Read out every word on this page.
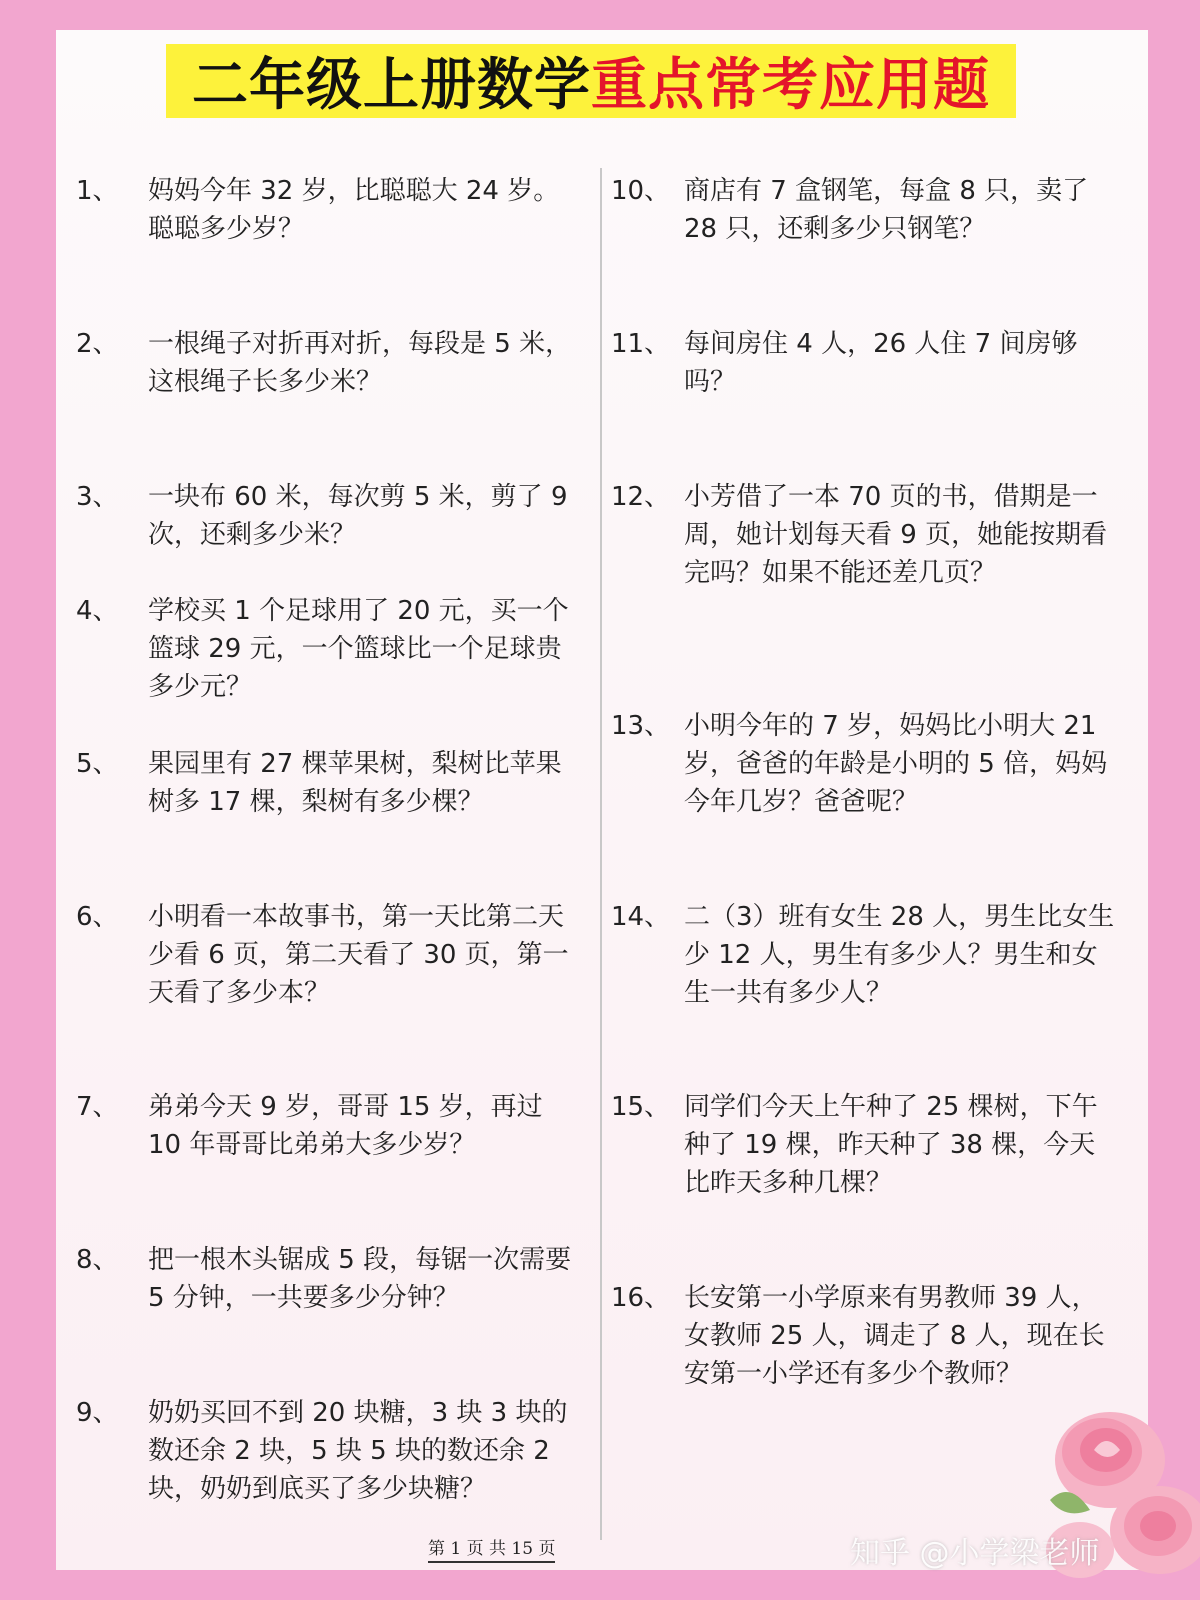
二年级上册数学 重点常考应用题
1、 妈妈今年 32 岁，比聪聪大 24 岁。聪聪多少岁？
2、 一根绳子对折再对折，每段是 5 米，这根绳子长多少米？
3、 一块布 60 米，每次剪 5 米，剪了 9 次，还剩多少米？
4、 学校买 1 个足球用了 20 元，买一个篮球 29 元，一个篮球比一个足球贵多少元？
5、 果园里有 27 棵苹果树，梨树比苹果树多 17 棵，梨树有多少棵？
6、 小明看一本故事书，第一天比第二天少看 6 页，第二天看了 30 页，第一天看了多少本？
7、 弟弟今天 9 岁，哥哥 15 岁，再过 10 年哥哥比弟弟大多少岁？
8、 把一根木头锯成 5 段，每锯一次需要 5 分钟，一共要多少分钟？
9、 奶奶买回不到 20 块糖，3 块 3 块的数还余 2 块，5 块 5 块的数还余 2 块，奶奶到底买了多少块糖？
10、 商店有 7 盒钢笔，每盒 8 只，卖了 28 只，还剩多少只钢笔？
11、 每间房住 4 人，26 人住 7 间房够吗？
12、 小芳借了一本 70 页的书，借期是一周，她计划每天看 9 页，她能按期看完吗？如果不能还差几页？
13、 小明今年的 7 岁，妈妈比小明大 21 岁，爸爸的年龄是小明的 5 倍，妈妈今年几岁？爸爸呢？
14、 二（3）班有女生 28 人，男生比女生少 12 人，男生有多少人？男生和女生一共有多少人？
15、 同学们今天上午种了 25 棵树，下午种了 19 棵，昨天种了 38 棵，今天比昨天多种几棵？
16、 长安第一小学原来有男教师 39 人，女教师 25 人，调走了 8 人，现在长安第一小学还有多少个教师？
第 1 页 共 15 页	知乎 @小学梁老师
